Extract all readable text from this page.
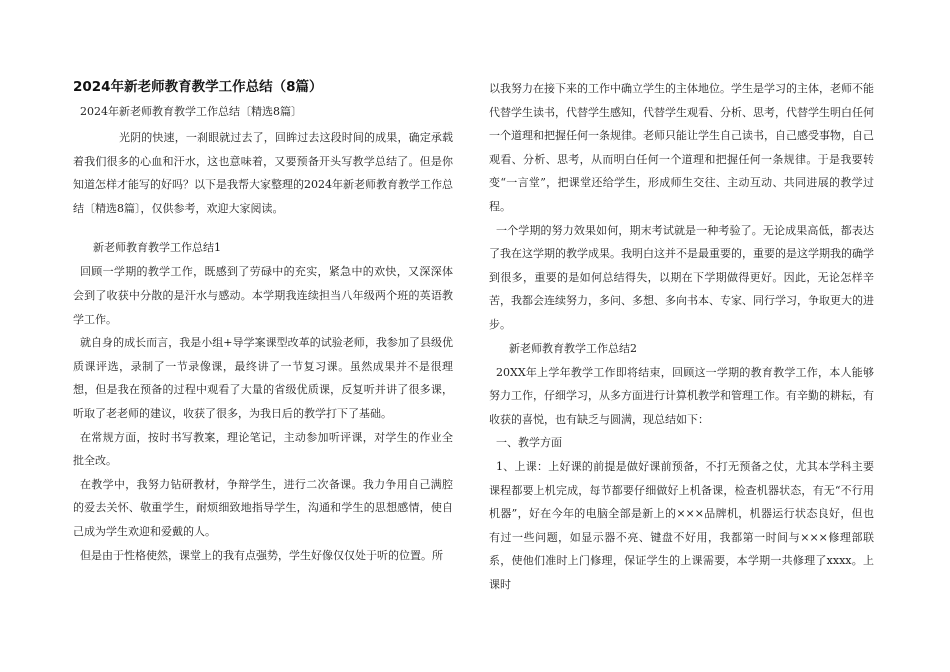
2024年新老师教育教学工作总结（8篇）
2024年新老师教育教学工作总结〔精选8篇〕

光阴的快速，一刹眼就过去了，回眸过去这段时间的成果，确定承载着我们很多的心血和汗水，这也意味着，又要预备开头写教学总结了。但是你知道怎样才能写的好吗？以下是我帮大家整理的2024年新老师教育教学工作总结〔精选8篇〕，仅供参考，欢迎大家阅读。

新老师教育教学工作总结1

回顾一学期的教学工作，既感到了劳碌中的充实，紧急中的欢快，又深深体会到了收获中分散的是汗水与感动。本学期我连续担当八年级两个班的英语教学工作。

就自身的成长而言，我是小组+导学案课型改革的试验老师，我参加了县级优质课评选，录制了一节录像课，最终讲了一节复习课。虽然成果并不是很理想，但是我在预备的过程中观看了大量的省级优质课，反复听并讲了很多课，听取了老老师的建议，收获了很多，为我日后的教学打下了基础。

在常规方面，按时书写教案，理论笔记，主动参加听评课，对学生的作业全批全改。

在教学中，我努力钻研教材，争辩学生，进行二次备课。我力争用自己满腔的爱去关怀、敬重学生，耐烦细致地指导学生，沟通和学生的思想感情，使自己成为学生欢迎和爱戴的人。

但是由于性格使然，课堂上的我有点强势，学生好像仅仅处于听的位置。所

以我努力在接下来的工作中确立学生的主体地位。学生是学习的主体，老师不能代替学生读书，代替学生感知，代替学生观看、分析、思考，代替学生明白任何一个道理和把握任何一条规律。老师只能让学生自己读书，自己感受事物，自己观看、分析、思考，从而明白任何一个道理和把握任何一条规律。于是我要转变“一言堂”，把课堂还给学生，形成师生交往、主动互动、共同进展的教学过程。

一个学期的努力效果如何，期末考试就是一种考验了。无论成果高低，都表达了我在这学期的教学成果。我明白这并不是最重要的，重要的是这学期我的确学到很多，重要的是如何总结得失，以期在下学期做得更好。因此，无论怎样辛苦，我都会连续努力，多问、多想、多向书本、专家、同行学习，争取更大的进步。

新老师教育教学工作总结2

20XX年上学年教学工作即将结束，回顾这一学期的教育教学工作，本人能够努力工作，仔细学习，从多方面进行计算机教学和管理工作。有辛勤的耕耘，有收获的喜悦，也有缺乏与圆满，现总结如下：

一、教学方面

1、上课：上好课的前提是做好课前预备，不打无预备之仗，尤其本学科主要课程都要上机完成，每节都要仔细做好上机备课，检查机器状态，有无“不行用机器”，好在今年的电脑全部是新上的×××品牌机，机器运行状态良好，但也有过一些问题，如显示器不亮、键盘不好用，我都第一时间与×××修理部联系，使他们准时上门修理，保证学生的上课需要，本学期一共修理了xxxx。上课时
